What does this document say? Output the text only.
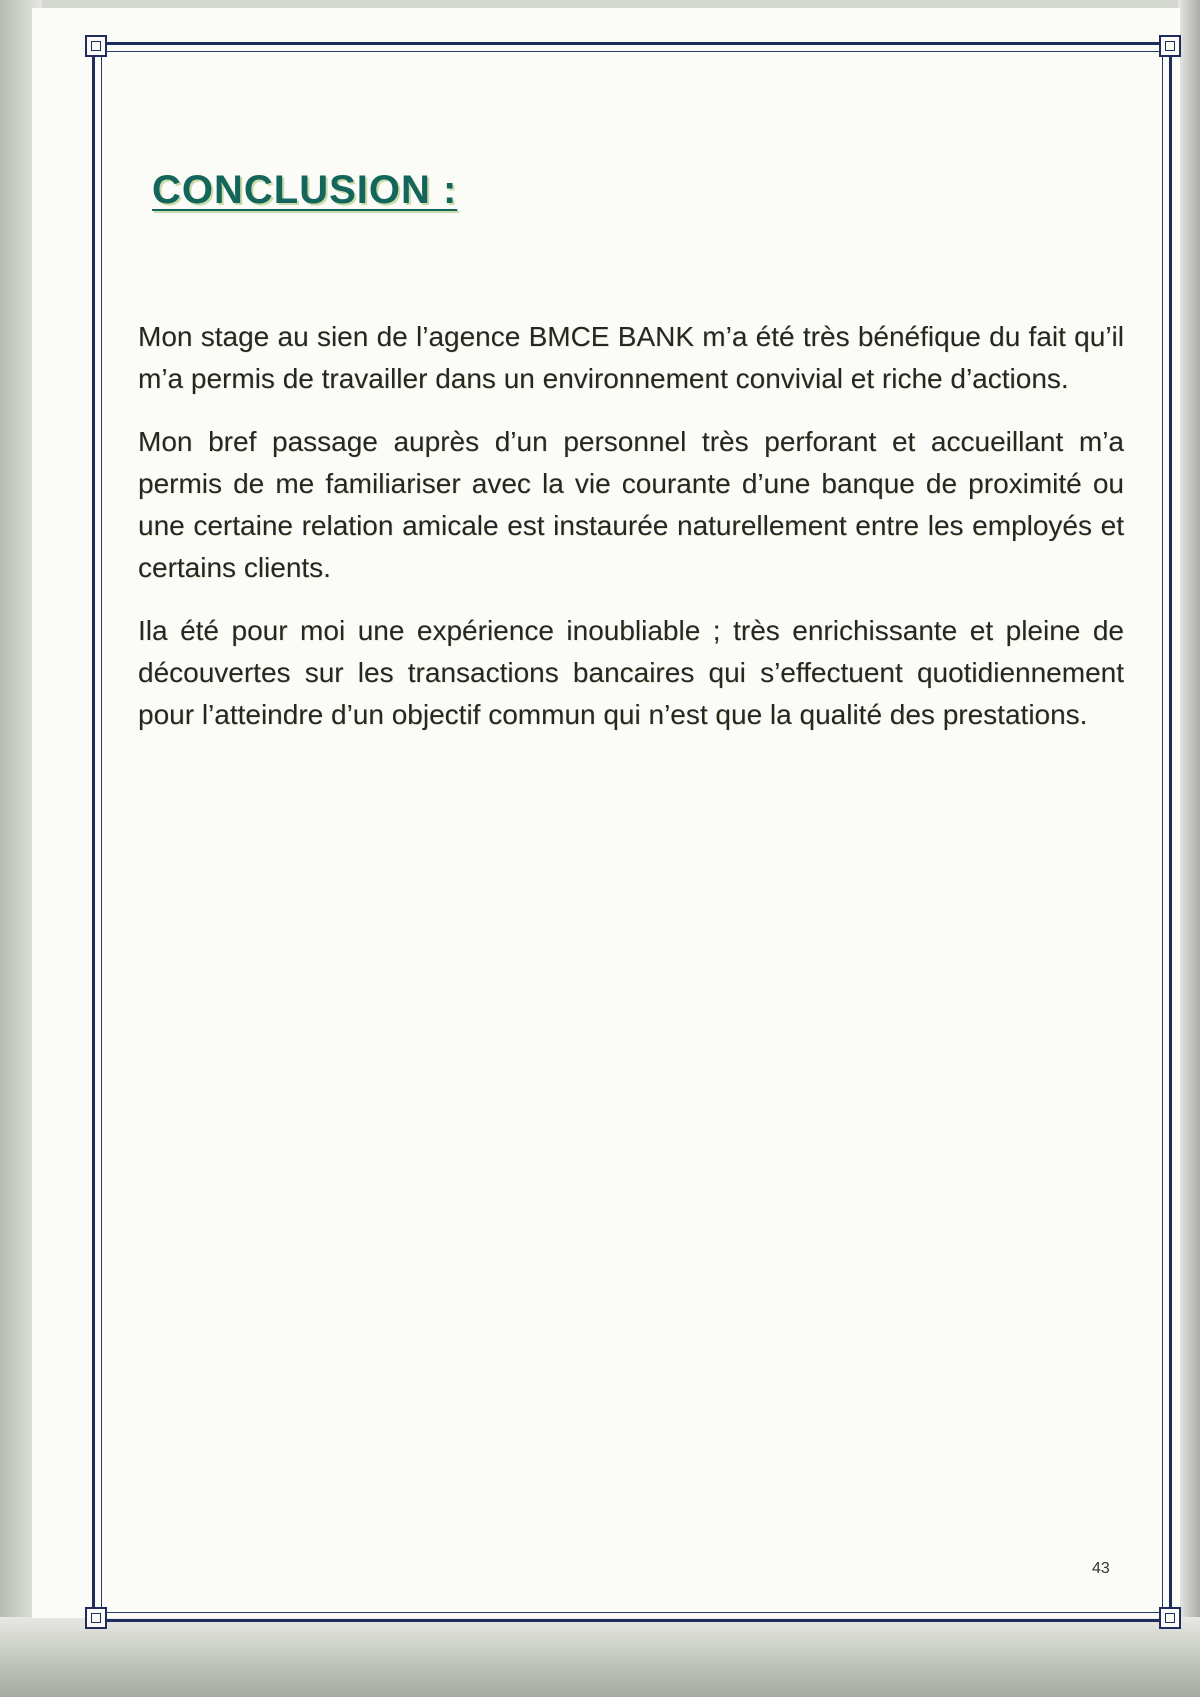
CONCLUSION :

Mon stage au sien de l’agence BMCE BANK m’a été très bénéfique du fait qu’il m’a permis de travailler dans un environnement convivial et riche d’actions.

Mon bref passage auprès d’un personnel très perforant et accueillant m’a permis de me familiariser avec la vie courante d’une banque de proximité ou une certaine relation amicale est instaurée naturellement entre les employés et certains clients.

Ila été pour moi une expérience inoubliable ; très enrichissante et pleine de découvertes sur les transactions bancaires qui s’effectuent quotidiennement pour l’atteindre d’un objectif commun qui n’est que la qualité des prestations.

43
